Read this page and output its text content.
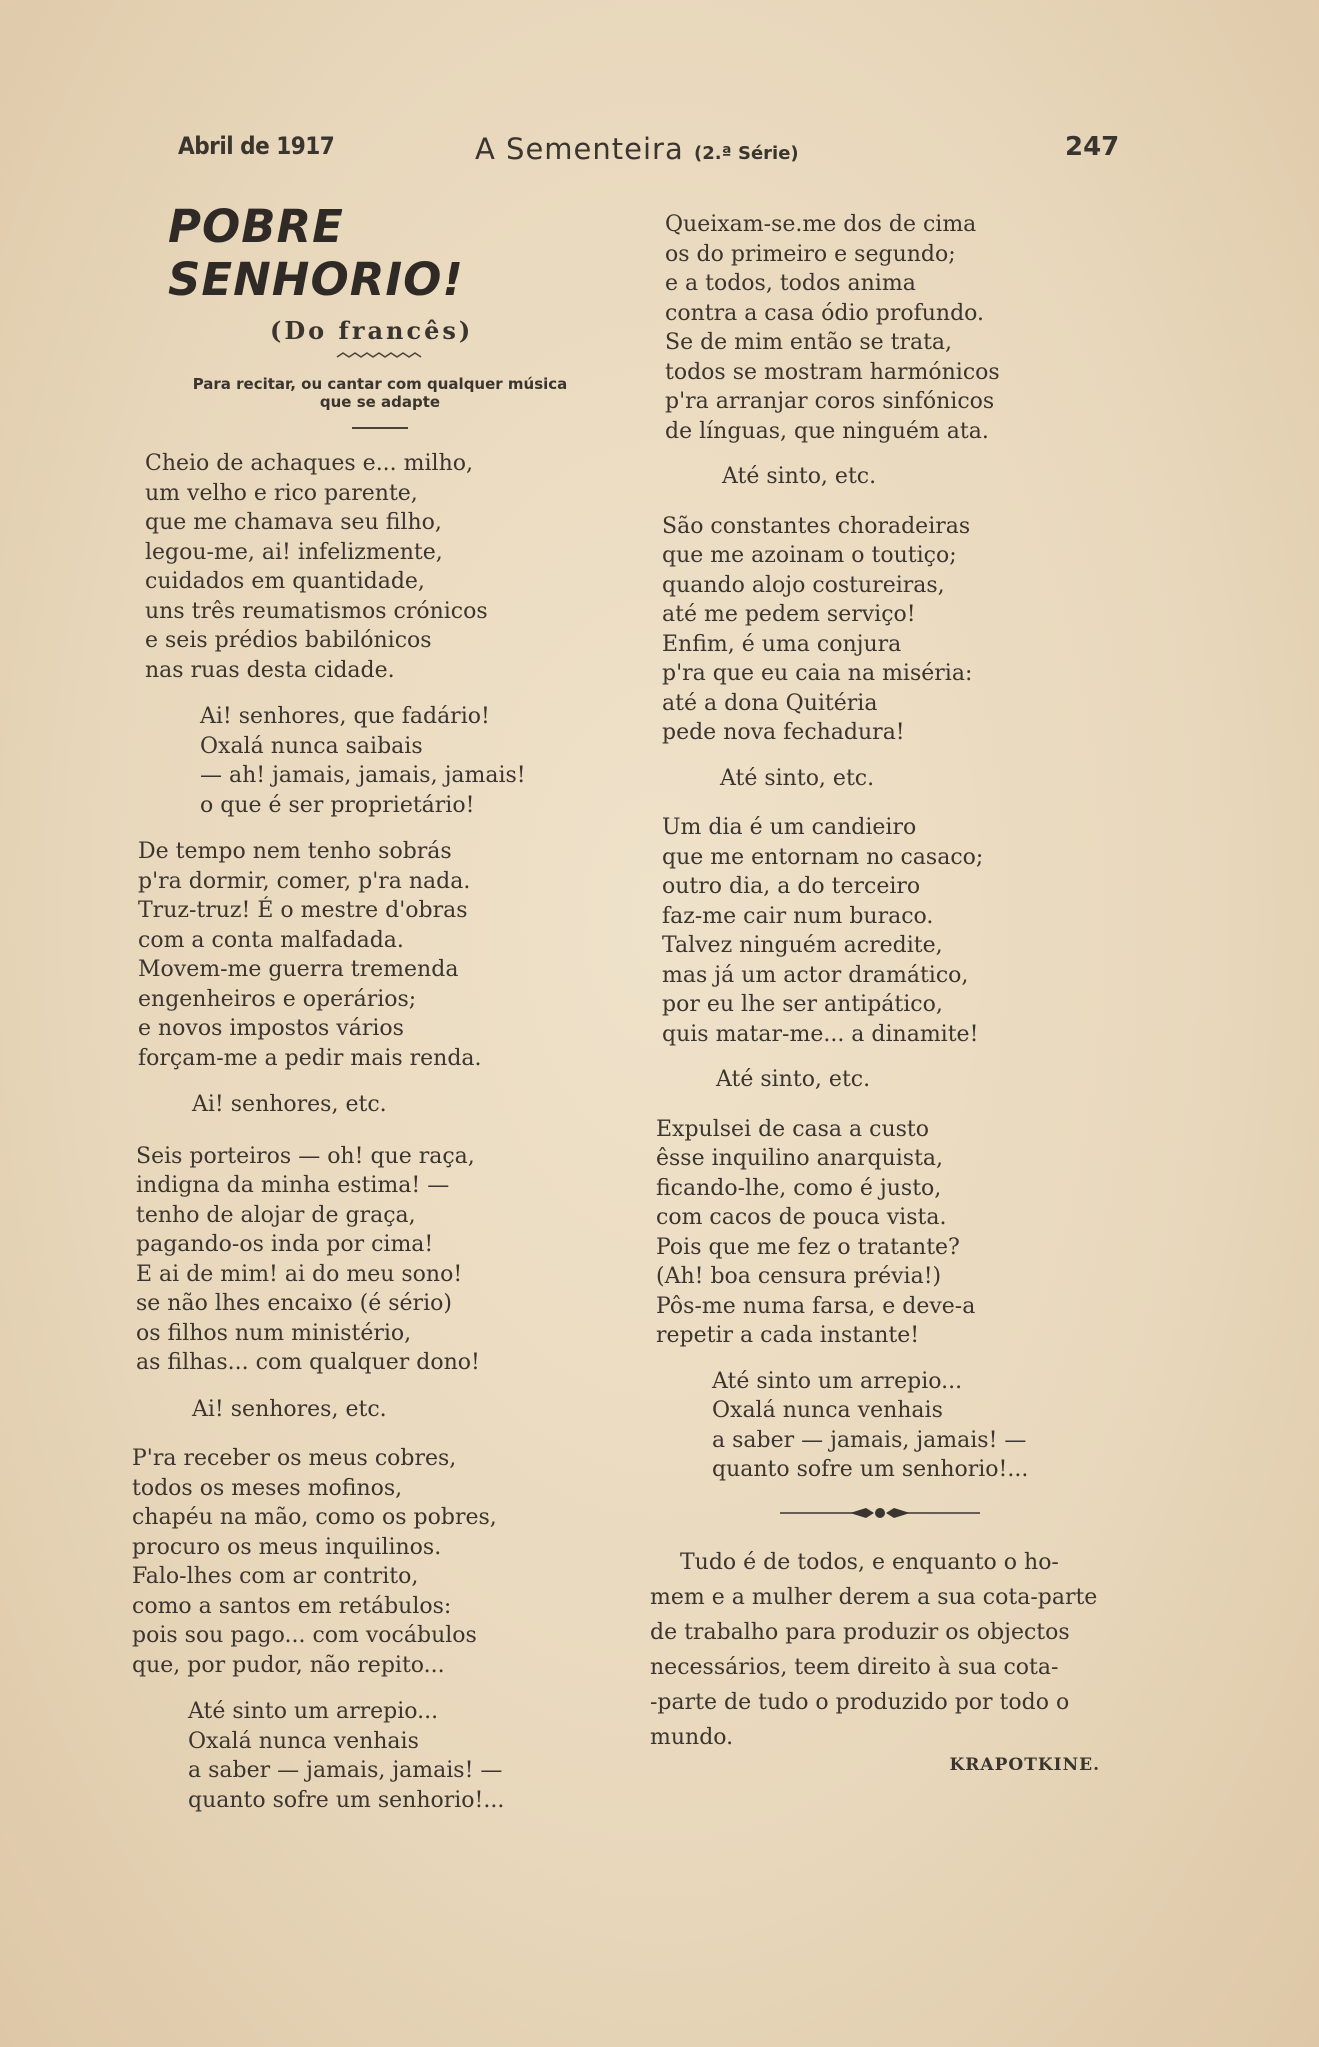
Abril de 1917	A Sementeira (2.ª Série)	247
POBRE SENHORIO!
(Do francês)
Para recitar, ou cantar com qualquer música
que se adapte

Cheio de achaques e... milho,

um velho e rico parente,

que me chamava seu filho,

legou-me, ai! infelizmente,

cuidados em quantidade,

uns três reumatismos crónicos

e seis prédios babilónicos

nas ruas desta cidade.

Ai! senhores, que fadário!

Oxalá nunca saibais

— ah! jamais, jamais, jamais!

o que é ser proprietário!

De tempo nem tenho sobrás

p'ra dormir, comer, p'ra nada.

Truz-truz! É o mestre d'obras

com a conta malfadada.

Movem-me guerra tremenda

engenheiros e operários;

e novos impostos vários

forçam-me a pedir mais renda.

Ai! senhores, etc.

Seis porteiros — oh! que raça,

indigna da minha estima! —

tenho de alojar de graça,

pagando-os inda por cima!

E ai de mim! ai do meu sono!

se não lhes encaixo (é sério)

os filhos num ministério,

as filhas... com qualquer dono!

Ai! senhores, etc.

P'ra receber os meus cobres,

todos os meses mofinos,

chapéu na mão, como os pobres,

procuro os meus inquilinos.

Falo-lhes com ar contrito,

como a santos em retábulos:

pois sou pago... com vocábulos

que, por pudor, não repito...

Até sinto um arrepio...

Oxalá nunca venhais

a saber — jamais, jamais! —

quanto sofre um senhorio!...

Queixam-se.me dos de cima

os do primeiro e segundo;

e a todos, todos anima

contra a casa ódio profundo.

Se de mim então se trata,

todos se mostram harmónicos

p'ra arranjar coros sinfónicos

de línguas, que ninguém ata.

Até sinto, etc.

São constantes choradeiras

que me azoinam o toutiço;

quando alojo costureiras,

até me pedem serviço!

Enfim, é uma conjura

p'ra que eu caia na miséria:

até a dona Quitéria

pede nova fechadura!

Até sinto, etc.

Um dia é um candieiro

que me entornam no casaco;

outro dia, a do terceiro

faz-me cair num buraco.

Talvez ninguém acredite,

mas já um actor dramático,

por eu lhe ser antipático,

quis matar-me... a dinamite!

Até sinto, etc.

Expulsei de casa a custo

êsse inquilino anarquista,

ficando-lhe, como é justo,

com cacos de pouca vista.

Pois que me fez o tratante?

(Ah! boa censura prévia!)

Pôs-me numa farsa, e deve-a

repetir a cada instante!

Até sinto um arrepio...

Oxalá nunca venhais

a saber — jamais, jamais! —

quanto sofre um senhorio!...

Tudo é de todos, e enquanto o ho-
mem e a mulher derem a sua cota-parte
de trabalho para produzir os objectos
necessários, teem direito à sua cota-
-parte de tudo o produzido por todo o
mundo.
KRAPOTKINE.
